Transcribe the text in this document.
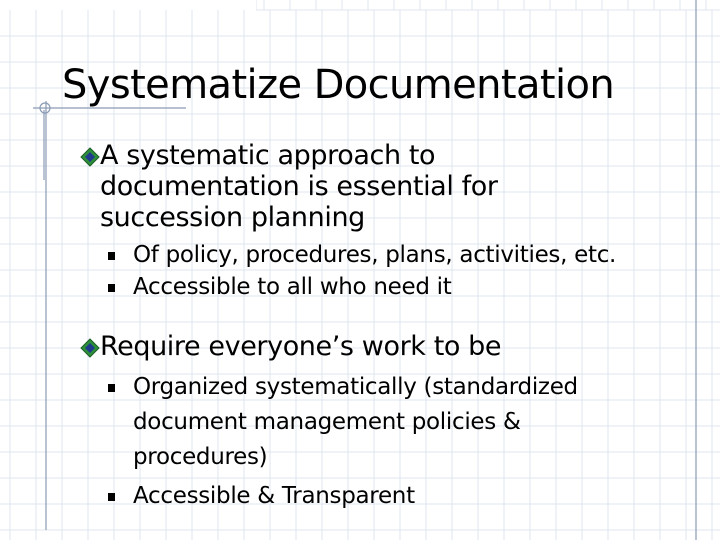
Systematize Documentation
A systematic approach to
documentation is essential for
succession planning
Of policy, procedures, plans, activities, etc.
Accessible to all who need it
Require everyone’s work to be
Organized systematically (standardized
document management policies &
procedures)
Accessible & Transparent
